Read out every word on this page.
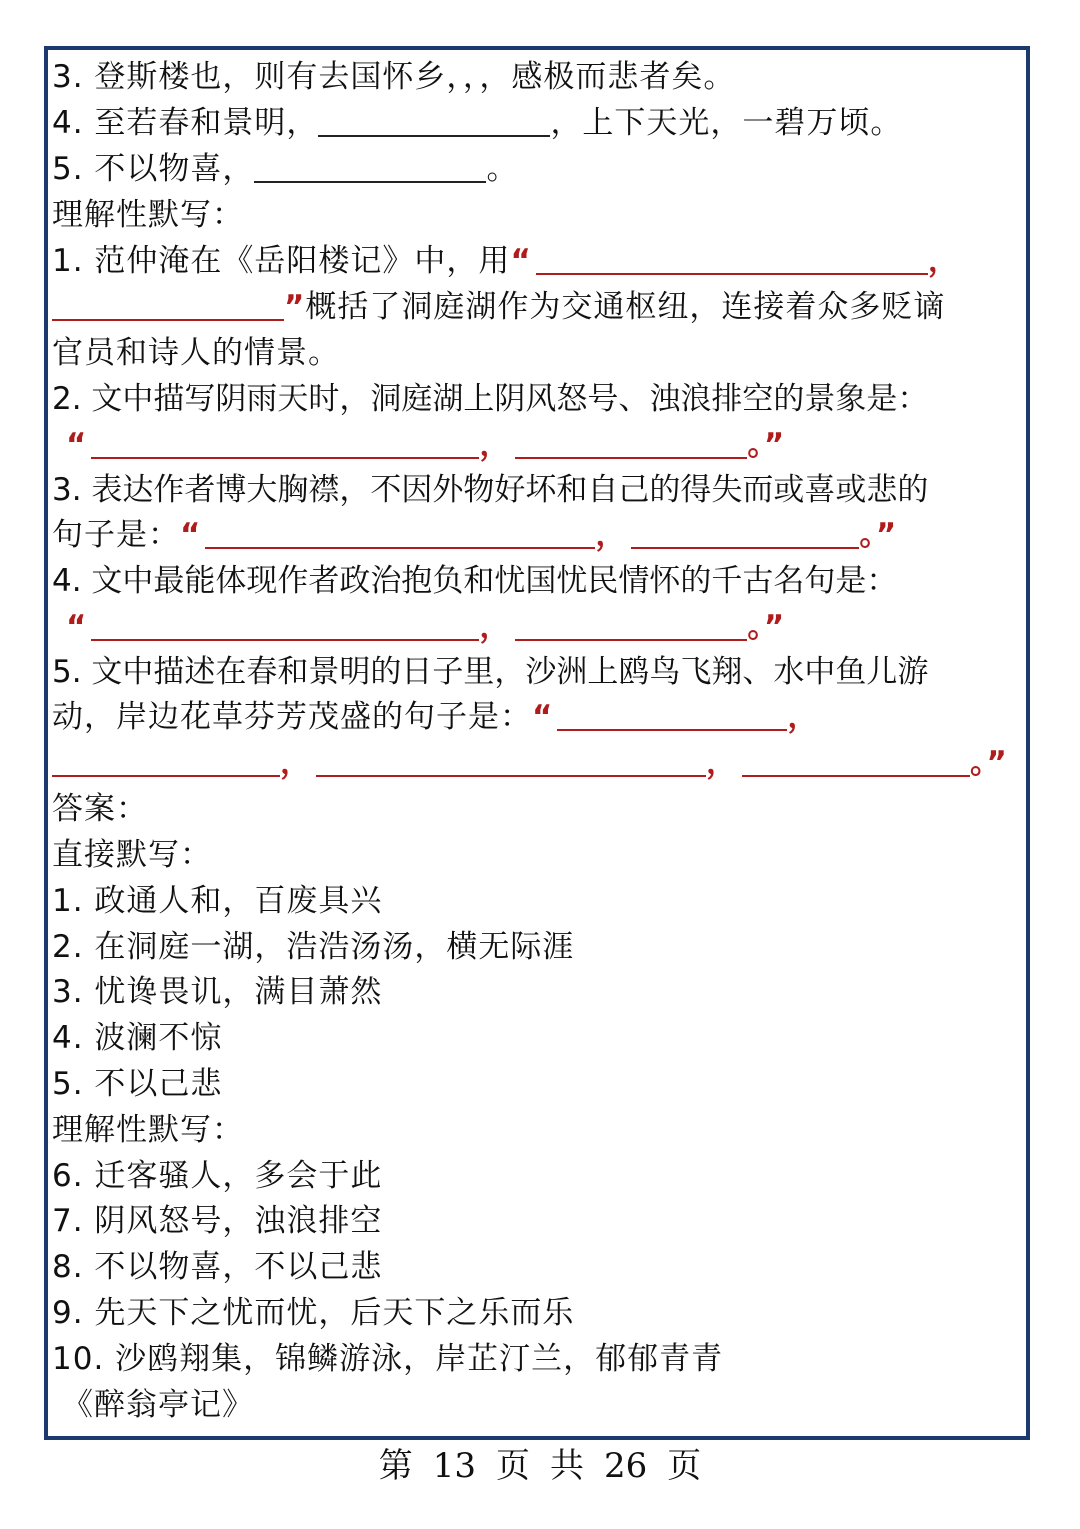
3. 登斯楼也，则有去国怀乡，，，感极而悲者矣。
4. 至若春和景明，	，上下天光，一碧万顷。
5. 不以物喜，	。
理解性默写：
1. 范仲淹在《岳阳楼记》中，用“	，
”概括了洞庭湖作为交通枢纽，连接着众多贬谪
官员和诗人的情景。
2. 文中描写阴雨天时，洞庭湖上阴风怒号、浊浪排空的景象是：
“	，	。”
3. 表达作者博大胸襟，不因外物好坏和自己的得失而或喜或悲的
句子是：“	，	。”
4. 文中最能体现作者政治抱负和忧国忧民情怀的千古名句是：
“	，	。”
5. 文中描述在春和景明的日子里，沙洲上鸥鸟飞翔、水中鱼儿游
动，岸边花草芬芳茂盛的句子是：“	，
，	，	。”
答案：
直接默写：
1. 政通人和，百废具兴
2. 在洞庭一湖，浩浩汤汤，横无际涯
3. 忧谗畏讥，满目萧然
4. 波澜不惊
5. 不以己悲
理解性默写：
6. 迁客骚人，多会于此
7. 阴风怒号，浊浪排空
8. 不以物喜，不以己悲
9. 先天下之忧而忧，后天下之乐而乐
10. 沙鸥翔集，锦鳞游泳，岸芷汀兰，郁郁青青
《醉翁亭记》
第 13 页 共 26 页
